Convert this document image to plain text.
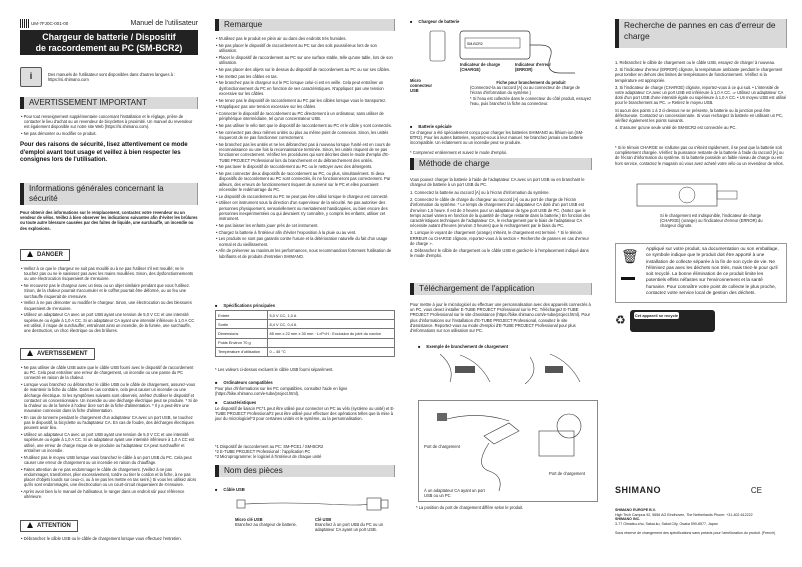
UM-7FJ0C-001-00	Manuel de l'utilisateur
Chargeur de batterie / Dispositif
de raccordement au PC (SM-BCR2)
i	Des manuels de l'utilisateur sont disponibles dans d'autres langues à :
https://si.shimano.com
AVERTISSEMENT IMPORTANT
• Pour tout renseignement supplémentaire concernant l'installation et le réglage, prière de contacter le lieu d'achat ou un revendeur de bicyclettes à proximité. Un manuel du revendeur est également disponible sur notre site Web (https://si.shimano.com).
• Ne pas démonter ou modifier ce produit.
Pour des raisons de sécurité, lisez attentivement ce mode d'emploi avant tout usage et veillez à bien respecter les consignes lors de l'utilisation.
Informations générales concernant la sécurité
Pour obtenir des informations sur le remplacement, contactez votre revendeur ou un vendeur de vélos. Veillez à bien observer les indications suivantes afin d'éviter les brûlures ou toute autre blessure causées par des fuites de liquide, une surchauffe, un incendie ou des explosions.
DANGER
• Veillez à ce que le chargeur ne soit pas mouillé ou à ne pas l'utiliser s'il est mouillé; ne le touchez pas ou ne le saisissez pas avec les mains mouillées. Sinon, des dysfonctionnements ou une électrocution risqueraient de s'ensuivre.
• Ne recouvrez pas le chargeur avec un tissu ou un objet similaire pendant que vous l'utilisez. Sinon, de la chaleur pourrait s'accumuler et le coffret pourrait être déformé, ou un feu une surchauffe risquerait de s'ensuivre.
• Veillez à ne pas démonter ou modifier le chargeur. Sinon, une électrocution ou des blessures risqueraient de s'ensuivre.
• Utilisez un adaptateur CA avec un port USB ayant une tension de 5,0 V CC et une intensité supérieure ou égale à 1,0 A CC. Si un adaptateur CA ayant une intensité inférieure à 1,0 A CC est utilisé, il risque de surchauffer, entraînant ainsi un incendie, de la fumée, une surchauffe, une destruction, un choc électrique ou des brûlures.
AVERTISSEMENT
• Ne pas utiliser de câble USB autre que le câble USB fourni avec le dispositif de raccordement au PC. Cela peut entraîner une erreur de chargement, un incendie ou une panne du PC connecté en raison de la chaleur.
• Lorsque vous branchez ou débranchez le câble USB ou le câble de chargement, assurez-vous de maintenir la fiche du câble. Dans le cas contraire, cela peut causer un incendie ou une décharge électrique. Si les symptômes suivants sont observés, arrêtez d'utiliser le dispositif et contactez un concessionnaire. Un incendie ou une décharge électrique peut se produire. * Si de la chaleur ou de la fumée à l'odeur âcre sort de la fiche d'alimentation. * Il y a peut-être une mauvaise connexion dans la fiche d'alimentation.
• En cas de tonnerre pendant le chargement d'un adaptateur CA avec un port USB, ne touchez pas le dispositif, la bicyclette ou l'adaptateur CA. En cas de foudre, des décharges électriques peuvent avoir lieu.
• Utilisez un adaptateur CA avec un port USB ayant une tension de 5,0 V CC et une intensité supérieure ou égale à 1,0 A CC. Si un adaptateur ayant une intensité inférieure à 1,0 A CC est utilisé, une erreur de charge risque de se produire ou l'adaptateur CA peut surchauffer et entraîner un incendie.
• N'utilisez pas le moyeu USB lorsque vous branchez le câble à un port USB du PC. Cela peut causer une erreur de chargement ou un incendie en raison du chauffage.
• Faites attention de ne pas endommager le câble de chargement. (Veillez à ne pas endommager, transformer, plier excessivement, tordre ou tirer le cordon et la fiche, à ne pas placer d'objets lourds sur ceux-ci, ou à ne pas les mettre en tas serré.) Si vous les utilisez alors qu'ils sont endommagés, une électrocution ou un court-circuit risqueraient de s'ensuivre.
• Après avoir bien lu le manuel de l'utilisateur, le ranger dans un endroit sûr pour référence ultérieure.
ATTENTION
• Débranchez le câble USB ou le câble de chargement lorsque vous effectuez l'entretien.
Remarque
• N'utilisez pas le produit en plein air ou dans des endroits très humides.
• Ne pas placer le dispositif de raccordement au PC sur des sols poussiéreux lors de son utilisation.
• Placer le dispositif de raccordement au PC sur une surface stable, telle qu'une table, lors de son utilisation.
• Ne pas placer des objets sur le dessus du dispositif de raccordement au PC ou sur ses câbles.
• Ne mettez pas les câbles en tas.
• Ne branchez pas le chargeur sur le PC lorsque celui-ci est en veille. Cela peut entraîner un dysfonctionnement du PC en fonction de ses caractéristiques. N'appliquez pas une tension excessive sur les câbles.
• Ne tenez pas le dispositif de raccordement au PC par les câbles lorsque vous le transportez.
• N'appliquez pas une tension excessive sur les câbles.
• Connecter le dispositif de raccordement au PC directement à un ordinateur, sans utiliser de périphérique intermédiaire, tel qu'un concentrateur USB.
• Ne pas utiliser le vélo tant que le dispositif de raccordement au PC et le câble y sont connectés.
• Ne connectez pas deux mêmes unités ou plus au même point de connexion. Sinon, les unités risqueront de ne pas fonctionner correctement.
• Ne branchez pas les unités et ne les débranchez pas à nouveau lorsque l'unité est en cours de reconnaissance ou une fois la reconnaissance terminée. Sinon, les unités risquent de ne pas fonctionner correctement. Vérifiez les procédures qui sont décrites dans le mode d'emploi d'E-TUBE PROJECT Professional lors du branchement et du débranchement des unités.
• Ne pas laver le dispositif de raccordement au PC ou le nettoyer avec des détergents.
• Ne pas connecter deux dispositifs de raccordement au PC, ou plus, simultanément. Si deux dispositifs de raccordement au PC sont connectés, ils ne fonctionneront pas correctement. Par ailleurs, des erreurs de fonctionnement risquent de survenir sur le PC et elles pourraient nécessiter le redémarrage du PC.
• Le dispositif de raccordement au PC ne peut pas être utilisé lorsque le chargeur est connecté.
• Utiliser cet instrument sous la direction d'un superviseur de la sécurité. Ne pas autoriser des personnes physiquement, sensoriellement ou mentalement handicapées, ou bien encore des personnes inexpérimentées ou qui devraient s'y connaître, y compris les enfants, utiliser cet instrument.
• Ne pas laisser les enfants jouer près de cet instrument.
• Chargez la batterie à l'intérieur afin d'éviter l'exposition à la pluie ou au vent.
• Les produits ne sont pas garantis contre l'usure et la détérioration naturelle du fait d'un usage normal et du vieillissement.
• Afin de préserver au maximum les performances, nous recommandons fortement l'utilisation de lubrifiants et de produits d'entretien SHIMANO.
■ Spécifications principales
Entrée	5,0 V CC, 1,0 A
Sortie	8,4 V CC, 0,4 A
Dimensions	85 mm x 22 mm x 30 mm · L×P×H : Exclusion du joint du cordon
Poids Environ 70 g	
Température d'utilisation	0 – 45 °C
* Les valeurs ci-dessus excluent le câble USB fourni séparément.
■ Ordinateurs compatibles
Pour plus d'informations sur les PC compatibles, consultez l'aide en ligne (https://bike.shimano.com/e-tube/project.html).
■ Caractéristiques
Le dispositif de liaison PC*1 peut être utilisé pour connecter un PC au vélo (système ou unité) et E-TUBE PROJECT Professional*2 peut être utilisé pour effectuer des opérations telles que la mise à jour du micrologiciel*3 pour certaines unités et le système, ou la personnalisation.
*1 Dispositif de raccordement au PC: SM-PCE1 / SM-BCR2
*2 E-TUBE PROJECT Professional : l'application PC
*3 Microprogramme: le logiciel à l'intérieur de chaque unité
Nom des pièces
■ Câble USB
Micro clé USB
Branchez au chargeur de batterie.
Clé USB
Branchez à un port USB du PC ou un adaptateur CA ayant un port USB.
■ Chargeur de batterie
SM-BCR2
Micro connecteur USB
Indicateur de charge (CHARGE)
Indicateur d'erreur (ERROR)
Fiche pour branchement du produit
(Connectez-la au raccord [A] ou au connecteur de charge de l'écran d'information du système.)
* Si l'eau est collectée dans le connecteur du côté produit, essuyez l'eau, puis branchez la fiche au connecteur.
■ Batterie spéciale
Ce chargeur a été spécialement conçu pour charger les batteries SHIMANO au lithium-ion (SM-BTR2). Pour les autres batteries, reportez-vous à leur manuel. Ne branchez jamais une batterie incompatible. Un éclatement ou un incendie peut se produire.
* Comprenez entièrement et suivez le mode d'emploi.
Méthode de charge
Vous pouvez charger la batterie à l'aide de l'adaptateur CA avec un port USB ou en branchant le chargeur de batterie à un port USB du PC.
1. Connectez la batterie au raccord [A] ou à l'écran d'information du système.
2. Connectez le câble de charge du chargeur au raccord [A] ou au port de charge de l'écran d'information du système. * Le temps de chargement d'un adaptateur CA doté d'un port USB est d'environ 1,5 heure. Il est de 3 heures pour un adaptateur de type port USB de PC. (Notez que le temps actuel variera en fonction de la quantité de charge restante dans la batterie.) En fonction des caractéristiques techniques de l'adaptateur CA, le rechargement par le biais de l'adaptateur CA nécessite autant d'heures (environ 3 heures) que le rechargement par le biais du PC.
3. Lorsque le voyant de chargement (orange) s'éteint, le chargement est terminé. * Si le témoin ERREUR ou CHARGE clignote, reportez-vous à la section « Recherche de pannes en cas d'erreur de charge ».
4. Débranchez le câble de chargement ou le câble USB et gardez-le à l'emplacement indiqué dans le mode d'emploi.
Téléchargement de l'application
Pour mettre à jour le micrologiciel ou effectuer une personnalisation avec des appareils connectés à un PC, vous devez installer E-TUBE PROJECT Professional sur le PC. Téléchargez E-TUBE PROJECT Professional sur le site d'assistance (https://bike.shimano.com/e-tube/project.html). Pour plus d'informations sur l'installation d'E-TUBE PROJECT Professional, consultez le site d'assistance. Reportez-vous au mode d'emploi d'E-TUBE PROJECT Professional pour plus d'informations sur son utilisation sur PC.
■ Exemple de branchement de chargement
Port de chargement
À un adaptateur CA ayant un port USB ou un PC
Port de chargement
* La position du port de chargement diffère selon le produit.
Recherche de pannes en cas d'erreur de charge
1. Rebranchez le câble de chargement ou le câble USB, essayez de charger à nouveau.
2. Si l'indicateur d'erreur (ERROR) clignote, la température ambiante pendant le chargement peut tomber en dehors des limites de températures de fonctionnement. Vérifiez si la température est appropriée.
3. Si l'indicateur de charge (CHARGE) clignote, reportez-vous à ce qui suit. • L'intensité de votre adaptateur CA avec un port USB est inférieure à 1,0 A CC. ⇒ Utilisez un adaptateur CA doté d'un port USB d'une intensité égale ou supérieure à 1,0 A CC. • Un moyeu USB est utilisé pour le branchement au PC. ⇒ Retirez le moyeu USB.
Si aucun des points 1 à 3 ci-dessus ne se présente, la batterie ou la jonction peut être défectueuse. Contactez un concessionnaire. Si vous rechargez la batterie en utilisant un PC, vérifiez également les points suivants.
4. S'assurer qu'une seule unité de SM-BCR2 est connectée au PC.
* Si le témoin CHARGE ne s'allume pas ou s'éteint rapidement, il se peut que la batterie soit complètement chargée. Vérifiez la puissance restante de la batterie à l'aide du raccord [A] ou de l'écran d'information du système. Si la batterie possède un faible niveau de charge ou est hors service, contactez le magasin où vous avez acheté votre vélo ou un revendeur de vélos.
Si le chargement est indisponible, l'indicateur de charge (CHARGE) (orange) ou l'indicateur d'erreur (ERROR) du chargeur clignote.
🗑 Appliqué sur votre produit, sa documentation ou son emballage, ce symbole indique que le produit doit être apporté à une installation de collecte séparée à la fin de son cycle de vie. Ne l'éliminez pas avec les déchets non triés, mais triez-le pour qu'il soit recyclé. La bonne élimination de ce produit limite les potentiels effets néfastes sur l'environnement et la santé humaine. Pour connaître votre point de collecte le plus proche, contactez votre service local de gestion des déchets.
♻	Cet appareil se recycle
SHIMANO	CE
SHIMANO EUROPE B.V.
High Tech Campus 92, 5656 AG Eindhoven, The Netherlands Phone: +31-402-612222
SHIMANO INC.
3-77 Oimatsu-cho, Sakai-ku, Sakai City, Osaka 590-8577, Japan

Sous réserve de changement des spécifications sans préavis pour l'amélioration du produit. (French)
